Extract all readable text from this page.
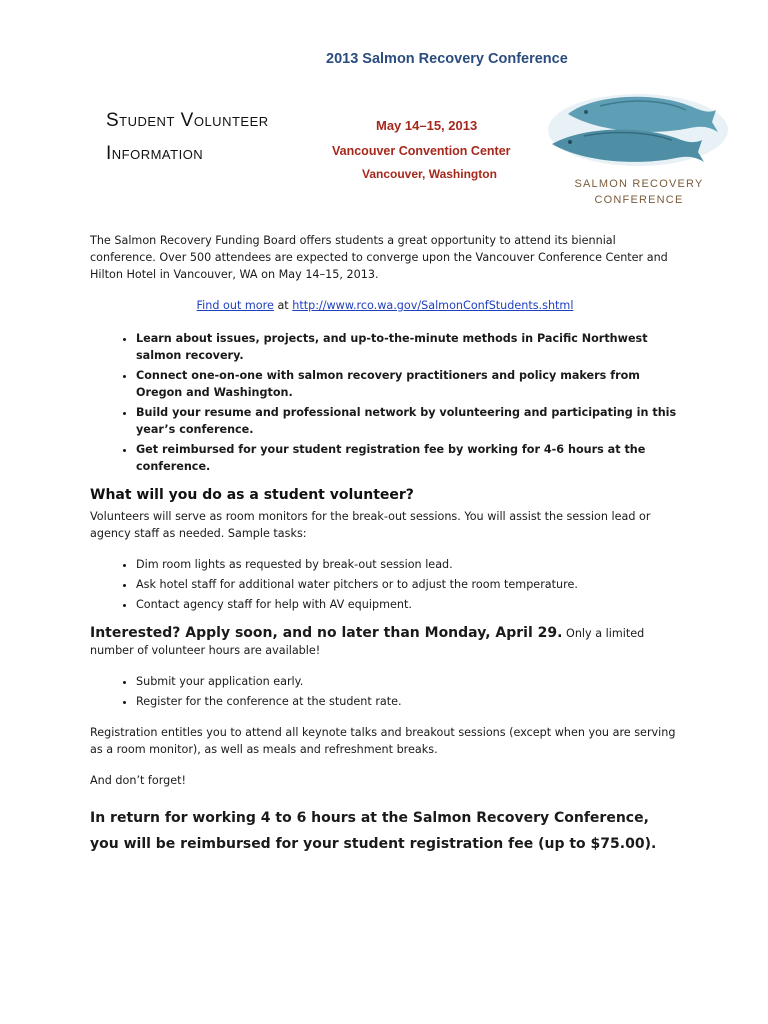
Student Volunteer
Information
2013 Salmon Recovery Conference
May 14–15, 2013
Vancouver Convention Center
Vancouver, Washington
SALMON RECOVERY
CONFERENCE

The Salmon Recovery Funding Board offers students a great opportunity to attend its biennial conference. Over 500 attendees are expected to converge upon the Vancouver Conference Center and Hilton Hotel in Vancouver, WA on May 14–15, 2013.

Find out more at http://www.rco.wa.gov/SalmonConfStudents.shtml

• Learn about issues, projects, and up-to-the-minute methods in Pacific Northwest salmon recovery.
• Connect one-on-one with salmon recovery practitioners and policy makers from Oregon and Washington.
• Build your resume and professional network by volunteering and participating in this year’s conference.
• Get reimbursed for your student registration fee by working for 4-6 hours at the conference.
What will you do as a student volunteer?

Volunteers will serve as room monitors for the break-out sessions. You will assist the session lead or agency staff as needed. Sample tasks:

• Dim room lights as requested by break-out session lead.
• Ask hotel staff for additional water pitchers or to adjust the room temperature.
• Contact agency staff for help with AV equipment.

Interested? Apply soon, and no later than Monday, April 29. Only a limited number of volunteer hours are available!

• Submit your application early.
• Register for the conference at the student rate.

Registration entitles you to attend all keynote talks and breakout sessions (except when you are serving as a room monitor), as well as meals and refreshment breaks.

And don’t forget!

In return for working 4 to 6 hours at the Salmon Recovery Conference, you will be reimbursed for your student registration fee (up to $75.00).
